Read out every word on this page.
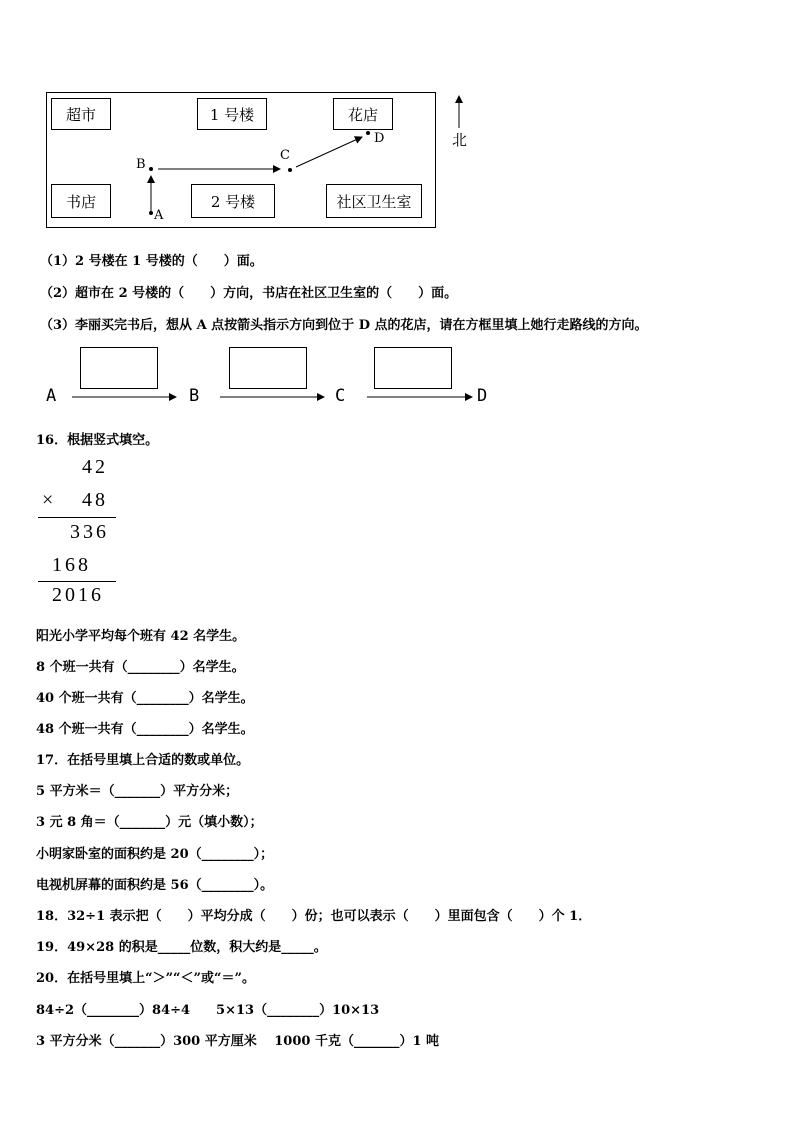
超市	1 号楼	花店
书店	2 号楼	社区卫生室
A
B
C
D	北
（1）2 号楼在 1 号楼的（　　）面。
（2）超市在 2 号楼的（　　）方向，书店在社区卫生室的（　　）面。
（3）李丽买完书后，想从 A 点按箭头指示方向到位于 D 点的花店，请在方框里填上她行走路线的方向。
A	B	C	D
16．根据竖式填空。
42
× 48
336
168
2016
阳光小学平均每个班有 42 名学生。
8 个班一共有（________）名学生。
40 个班一共有（________）名学生。
48 个班一共有（________）名学生。
17．在括号里填上合适的数或单位。
5 平方米＝（_______）平方分米；
3 元 8 角＝（_______）元（填小数）；
小明家卧室的面积约是 20（________）；
电视机屏幕的面积约是 56（________）。
18．32÷1 表示把（　　）平均分成（　　）份；也可以表示（　　）里面包含（　　）个 1．
19．49×28 的积是_____位数，积大约是_____。
20．在括号里填上“＞”“＜”或“＝”。
84÷2（________）84÷4　　5×13（________）10×13
3 平方分米（_______）300 平方厘米　 1000 千克（_______）1 吨
